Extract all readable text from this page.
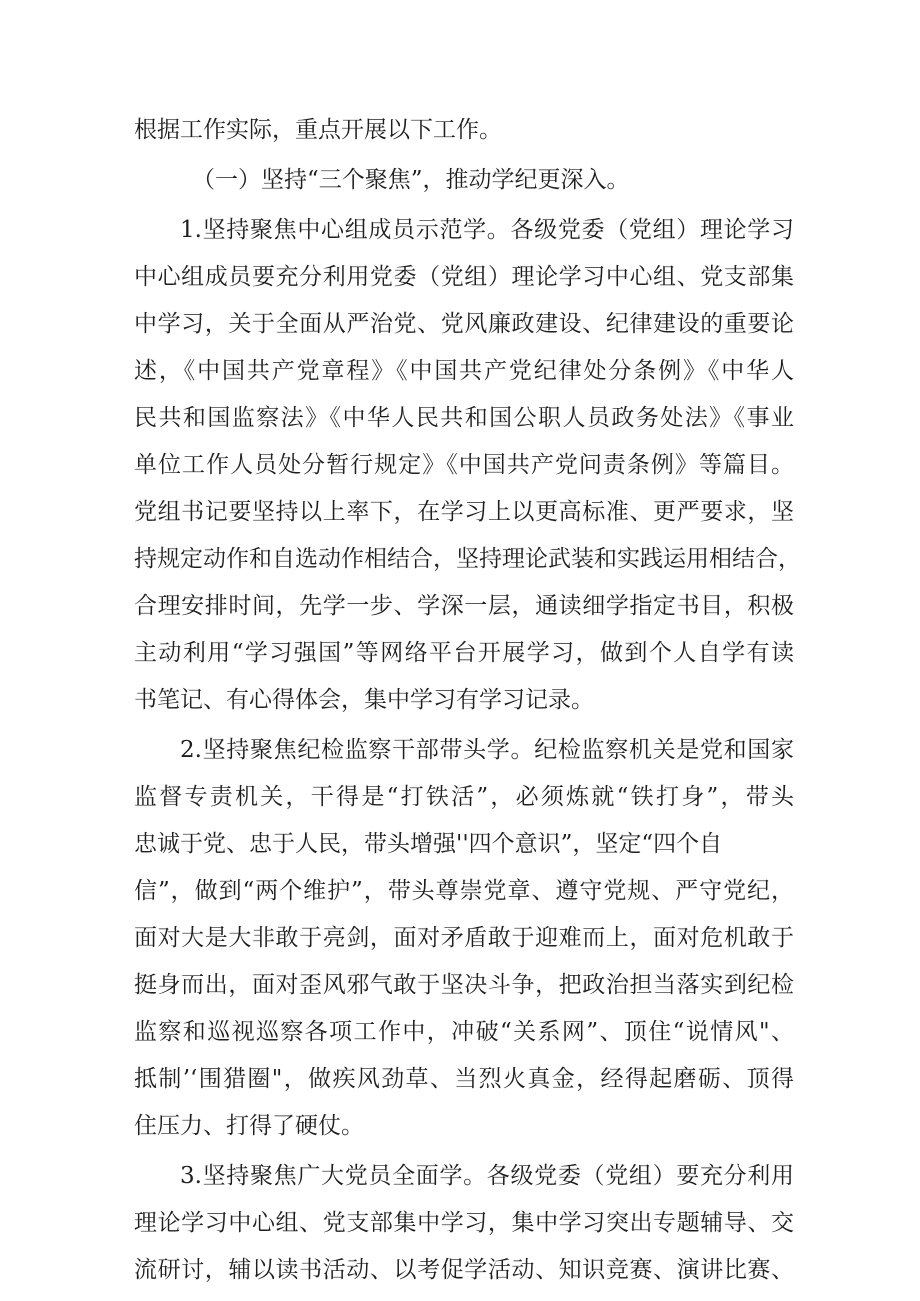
根据工作实际，重点开展以下工作。
（一）坚持“三个聚焦”，推动学纪更深入。
1.坚持聚焦中心组成员示范学。各级党委（党组）理论学习
中心组成员要充分利用党委（党组）理论学习中心组、党支部集
中学习，关于全面从严治党、党风廉政建设、纪律建设的重要论
述，《中国共产党章程》《中国共产党纪律处分条例》《中华人
民共和国监察法》《中华人民共和国公职人员政务处法》《事业
单位工作人员处分暂行规定》《中国共产党问责条例》等篇目。
党组书记要坚持以上率下，在学习上以更高标准、更严要求，坚
持规定动作和自选动作相结合，坚持理论武装和实践运用相结合，
合理安排时间，先学一步、学深一层，通读细学指定书目，积极
主动利用“学习强国”等网络平台开展学习，做到个人自学有读
书笔记、有心得体会，集中学习有学习记录。
2.坚持聚焦纪检监察干部带头学。纪检监察机关是党和国家
监督专责机关，干得是“打铁活”，必须炼就“铁打身”，带头
忠诚于党、忠于人民，带头增强''四个意识”，坚定“四个自
信”，做到“两个维护”，带头尊崇党章、遵守党规、严守党纪，
面对大是大非敢于亮剑，面对矛盾敢于迎难而上，面对危机敢于
挺身而出，面对歪风邪气敢于坚决斗争，把政治担当落实到纪检
监察和巡视巡察各项工作中，冲破“关系网”、顶住“说情风"、
抵制’‘围猎圈"，做疾风劲草、当烈火真金，经得起磨砺、顶得
住压力、打得了硬仗。
3.坚持聚焦广大党员全面学。各级党委（党组）要充分利用
理论学习中心组、党支部集中学习，集中学习突出专题辅导、交
流研讨，辅以读书活动、以考促学活动、知识竞赛、演讲比赛、
